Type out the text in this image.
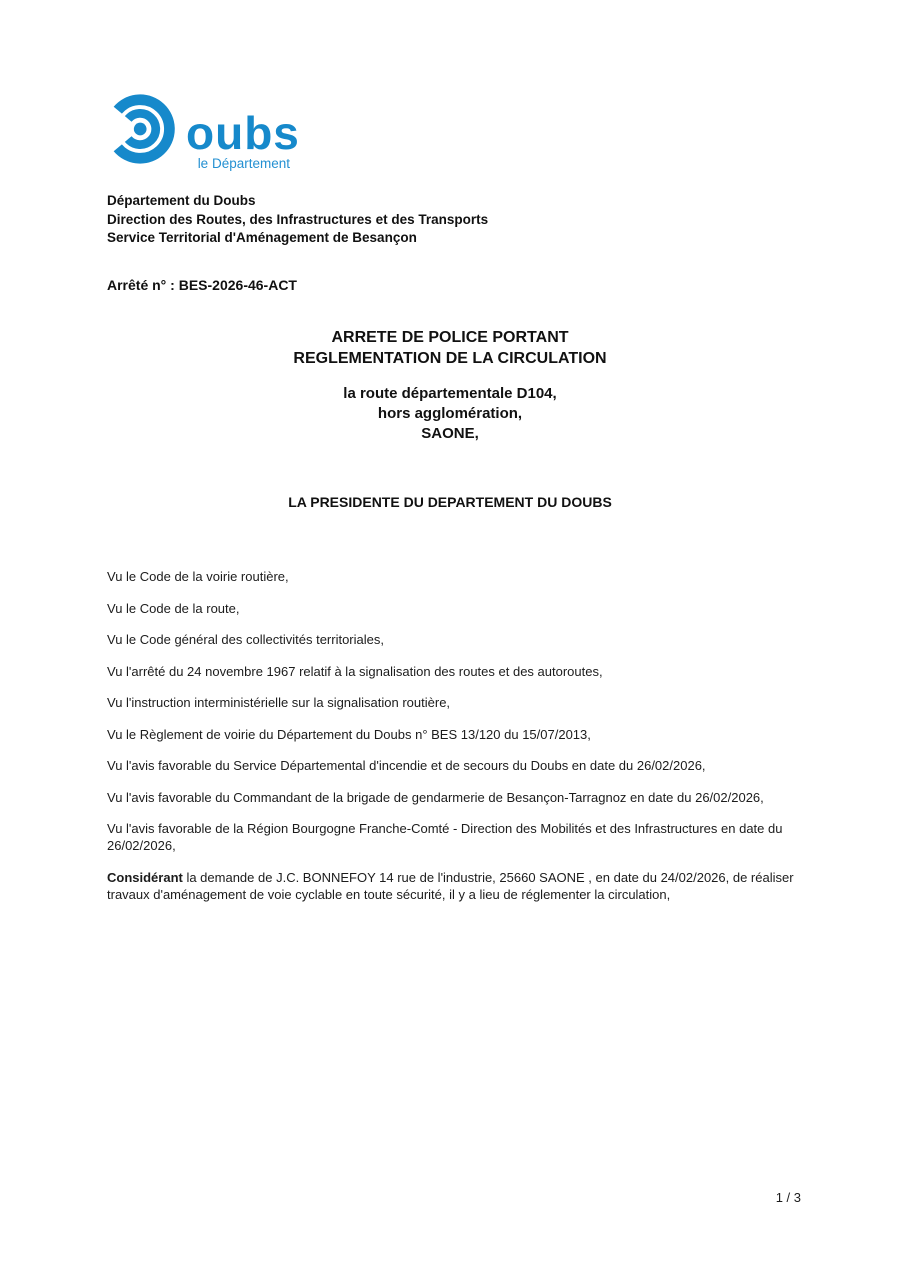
oubs
le Département
Département du Doubs
Direction des Routes, des Infrastructures et des Transports
Service Territorial d'Aménagement de Besançon
Arrêté n° : BES-2026-46-ACT
ARRETE DE POLICE PORTANT
REGLEMENTATION DE LA CIRCULATION
la route départementale D104,
hors agglomération,
SAONE,
LA PRESIDENTE DU DEPARTEMENT DU DOUBS

Vu le Code de la voirie routière,

Vu le Code de la route,

Vu le Code général des collectivités territoriales,

Vu l'arrêté du 24 novembre 1967 relatif à la signalisation des routes et des autoroutes,

Vu l'instruction interministérielle sur la signalisation routière,

Vu le Règlement de voirie du Département du Doubs n° BES 13/120 du 15/07/2013,

Vu l'avis favorable du Service Départemental d'incendie et de secours du Doubs en date du 26/02/2026,

Vu l'avis favorable du Commandant de la brigade de gendarmerie de Besançon-Tarragnoz en date du 26/02/2026,

Vu l'avis favorable de la Région Bourgogne Franche-Comté - Direction des Mobilités et des Infrastructures en date du 26/02/2026,

Considérant la demande de J.C. BONNEFOY 14 rue de l'industrie, 25660 SAONE , en date du 24/02/2026, de réaliser travaux d'aménagement de voie cyclable en toute sécurité, il y a lieu de réglementer la circulation,

1 / 3
